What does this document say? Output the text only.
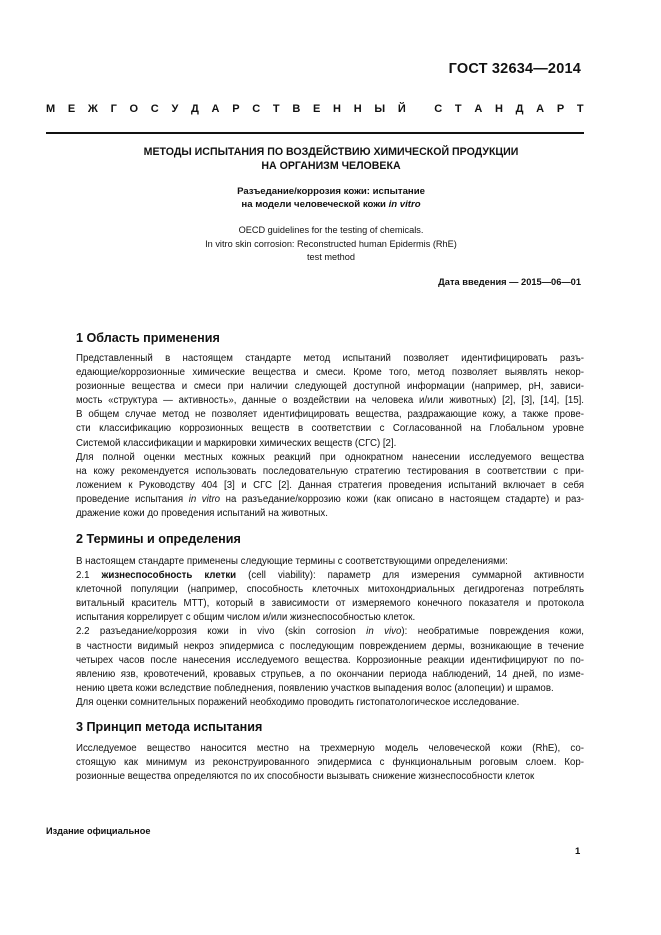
ГОСТ 32634—2014
М Е Ж Г О С У Д А Р С Т В Е Н Н Ы Й
	С Т А Н Д А Р Т
МЕТОДЫ ИСПЫТАНИЯ ПО ВОЗДЕЙСТВИЮ ХИМИЧЕСКОЙ ПРОДУКЦИИ
НА ОРГАНИЗМ ЧЕЛОВЕКА
Разъедание/коррозия кожи: испытание
на модели человеческой кожи in vitro
OECD guidelines for the testing of chemicals.
In vitro skin corrosion: Reconstructed human Epidermis (RhE)
test method
Дата введения — 2015—06—01
1 Область применения
Представленный в настоящем стандарте метод испытаний позволяет идентифицировать разъ-
едающие/коррозионные химические вещества и смеси. Кроме того, метод позволяет выявлять некор-
розионные вещества и смеси при наличии следующей доступной информации (например, pH, зависи-
мость «структура — активность», данные о воздействии на человека и/или животных) [2], [3], [14], [15].
В общем случае метод не позволяет идентифицировать вещества, раздражающие кожу, а также прове-
сти классификацию коррозионных веществ в соответствии с Согласованной на Глобальном уровне
Системой классификации и маркировки химических веществ (СГС) [2].
Для полной оценки местных кожных реакций при однократном нанесении исследуемого вещества
на кожу рекомендуется использовать последовательную стратегию тестирования в соответствии с при-
ложением к Руководству 404 [3] и СГС [2]. Данная стратегия проведения испытаний включает в себя
проведение испытания in vitro на разъедание/коррозию кожи (как описано в настоящем стадарте) и раз-
дражение кожи до проведения испытаний на животных.
2 Термины и определения
В настоящем стандарте применены следующие термины с соответствующими определениями:
2.1 жизнеспособность клетки (cell viability): параметр для измерения суммарной активности
клеточной популяции (например, способность клеточных митохондриальных дегидрогеназ потреблять
витальный краситель МТТ), который в зависимости от измеряемого конечного показателя и протокола
испытания коррелирует с общим числом и/или жизнеспособностью клеток.
2.2 разъедание/коррозия кожи in vivo (skin corrosion in vivo): необратимые повреждения кожи,
в частности видимый некроз эпидермиса с последующим повреждением дермы, возникающие в течение
четырех часов после нанесения исследуемого вещества. Коррозионные реакции идентифицируют по по-
явлению язв, кровотечений, кровавых струпьев, а по окончании периода наблюдений, 14 дней, по измe-
нению цвета кожи вследствие побледнения, появлению участков выпадения волос (алопеции) и шрамов.
Для оценки сомнительных поражений необходимо проводить гистопатологическое исследование.
3 Принцип метода испытания
Исследуемое вещество наносится местно на трехмерную модель человеческой кожи (RhE), со-
стоящую как минимум из реконструированного эпидермиса с функциональным роговым слоем. Кор-
розионные вещества определяются по их способности вызывать снижение жизнеспособности клеток
Издание официальное
1
